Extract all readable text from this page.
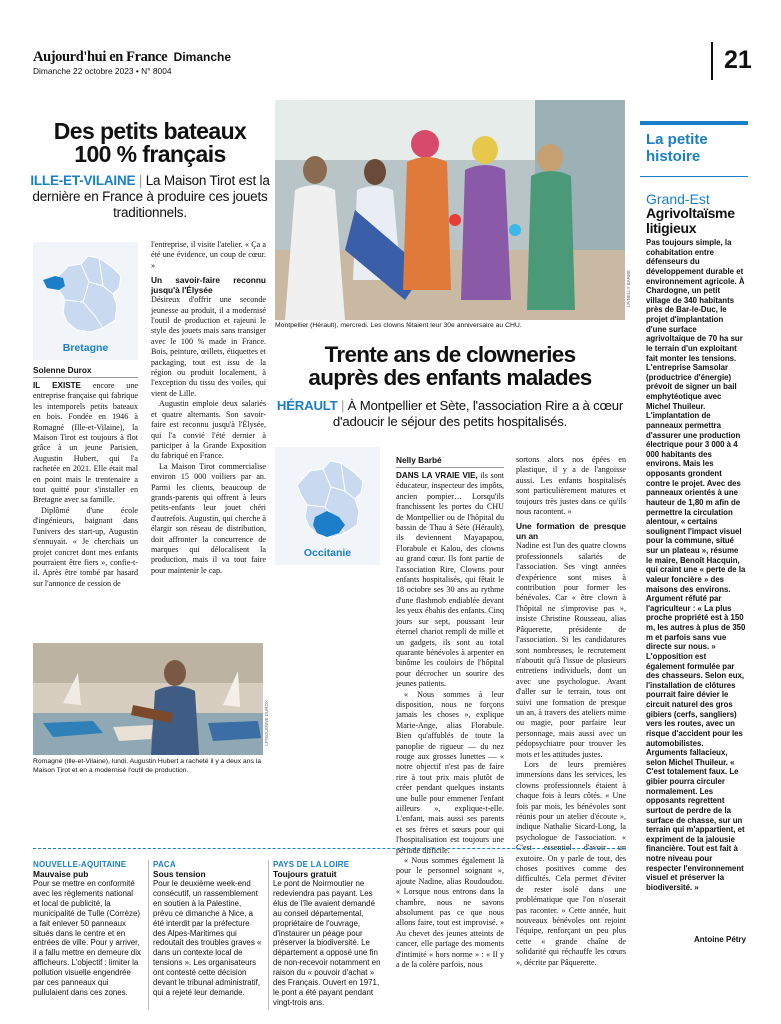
Aujourd'hui en France Dimanche
Dimanche 22 octobre 2023 • N° 8004	21
Des petits bateaux
100 % français
ILLE-ET-VILAINE | La Maison Tirot est la dernière en France à produire ces jouets traditionnels.
Bretagne
Solenne Durox

IL EXISTE encore une entreprise française qui fabrique les intemporels petits bateaux en bois. Fondée en 1946 à Romagné (Ille-et-Vilaine), la Maison Tirot est toujours à flot grâce à un jeune Parisien, Augustin Hubert, qui l'a rachetée en 2021. Elle était mal en point mais le trentenaire a tout quitté pour s'installer en Bretagne avec sa famille.

Diplômé d'une école d'ingénieurs, baignant dans l'univers des start-up, Augustin s'ennuyait. « Je cherchais un projet concret dont mes enfants pourraient être fiers », confie-t-il. Après être tombé par hasard sur l'annonce de cession de

l'entreprise, il visite l'atelier. « Ça a été une évidence, un coup de cœur. »

Un savoir-faire reconnu jusqu'à l'Élysée

Désireux d'offrir une seconde jeunesse au produit, il a modernisé l'outil de production et rajeuni le style des jouets mais sans transiger avec le 100 % made in France. Bois, peinture, œillets, étiquettes et packaging, tout est issu de la région ou produit localement, à l'exception du tissu des voiles, qui vient de Lille.

Augustin emploie deux salariés et quatre alternants. Son savoir-faire est reconnu jusqu'à l'Élysée, qui l'a convié l'été dernier à participer à la Grande Exposition du fabriqué en France.

La Maison Tirot commercialise environ 15 000 voiliers par an. Parmi les clients, beaucoup de grands-parents qui offrent à leurs petits-enfants leur jouet chéri d'autrefois. Augustin, qui cherche à élargir son réseau de distribution, doit affronter la concurrence de marques qui délocalisent la production, mais il va tout faire pour maintenir le cap.

LP/SOLENNE DUROX
Romagné (Ille-et-Vilaine), lundi. Augustin Hubert a racheté il y a deux ans la Maison Tirot et en a modernisé l'outil de production.
LP/NELLY BARBÉ
Montpellier (Hérault), mercredi. Les clowns fêtaient leur 30e anniversaire au CHU.
Trente ans de clowneries
auprès des enfants malades
HÉRAULT | À Montpellier et Sète, l'association Rire a à cœur d'adoucir le séjour des petits hospitalisés.
Occitanie
Nelly Barbé

DANS LA VRAIE VIE, ils sont éducateur, inspecteur des impôts, ancien pompier… Lorsqu'ils franchissent les portes du CHU de Montpellier ou de l'hôpital du bassin de Thau à Sète (Hérault), ils deviennent Mayapapou, Florabule et Kalou, des clowns au grand cœur. Ils font partie de l'association Rire, Clowns pour enfants hospitalisés, qui fêtait le 18 octobre ses 30 ans au rythme d'une flashmob endiablée devant les yeux ébahis des enfants. Cinq jours sur sept, poussant leur éternel chariot rempli de mille et un gadgets, ils sont au total quarante bénévoles à arpenter en binôme les couloirs de l'hôpital pour décrocher un sourire des jeunes patients.

« Nous sommes à leur disposition, nous ne forçons jamais les choses », explique Marie-Ange, alias Florabule. Bien qu'affublés de toute la panoplie de rigueur — du nez rouge aux grosses lunettes — « notre objectif n'est pas de faire rire à tout prix mais plutôt de créer pendant quelques instants une bulle pour emmener l'enfant ailleurs », explique-t-elle. L'enfant, mais aussi ses parents et ses frères et sœurs pour qui l'hospitalisation est toujours une période difficile.

« Nous sommes également là pour le personnel soignant », ajoute Nadine, alias Roudoudou. « Lorsque nous entrons dans la chambre, nous ne savons absolument pas ce que nous allons faire, tout est improvisé. » Au chevet des jeunes atteints de cancer, elle partage des moments d'intimité « hors norme » : « Il y a de la colère parfois, nous

sortons alors nos épées en plastique, il y a de l'angoisse aussi. Les enfants hospitalisés sont particulièrement matures et toujours très justes dans ce qu'ils nous racontent. »

Une formation de presque un an

Nadine est l'un des quatre clowns professionnels salariés de l'association. Ses vingt années d'expérience sont mises à contribution pour former les bénévoles. Car « être clown à l'hôpital ne s'improvise pas », insiste Christine Rousseau, alias Pâquerette, présidente de l'association. Si les candidatures sont nombreuses, le recrutement n'aboutit qu'à l'issue de plusieurs entretiens individuels, dont un avec une psychologue. Avant d'aller sur le terrain, tous ont suivi une formation de presque un an, à travers des ateliers mime ou magie, pour parfaire leur personnage, mais aussi avec un pédopsychiatre pour trouver les mots et les attitudes justes.

Lors de leurs premières immersions dans les services, les clowns professionnels étaient à chaque fois à leurs côtés. « Une fois par mois, les bénévoles sont réunis pour un atelier d'écoute », indique Nathalie Sicard-Long, la psychologue de l'association. « C'est essentiel d'avoir un exutoire. On y parle de tout, des choses positives comme des difficultés. Cela permet d'éviter de rester isolé dans une problématique que l'on n'oserait pas raconter. » Cette année, huit nouveaux bénévoles ont rejoint l'équipe, renforçant un peu plus cette « grande chaîne de solidarité qui réchauffe les cœurs », décrite par Pâquerette.

La petite
histoire
Grand-Est
Agrivoltaïsme
litigieux
Pas toujours simple, la cohabitation entre défenseurs du développement durable et environnement agricole. À Chardogne, un petit village de 340 habitants près de Bar-le-Duc, le projet d'implantation d'une surface agrivoltaïque de 70 ha sur le terrain d'un exploitant fait monter les tensions. L'entreprise Samsolar (productrice d'énergie) prévoit de signer un bail emphytéotique avec Michel Thuileur. L'implantation de panneaux permettra d'assurer une production électrique pour 3 000 à 4 000 habitants des environs. Mais les opposants grondent contre le projet. Avec des panneaux orientés à une hauteur de 1,80 m afin de permettre la circulation alentour, « certains soulignent l'impact visuel pour la commune, situé sur un plateau », résume le maire, Benoît Hacquin, qui craint une « perte de la valeur foncière » des maisons des environs. Argument réfuté par l'agriculteur : « La plus proche propriété est à 150 m, les autres à plus de 350 m et parfois sans vue directe sur nous. » L'opposition est également formulée par des chasseurs. Selon eux, l'installation de clôtures pourrait faire dévier le circuit naturel des gros gibiers (cerfs, sangliers) vers les routes, avec un risque d'accident pour les automobilistes. Arguments fallacieux, selon Michel Thuileur. « C'est totalement faux. Le gibier pourra circuler normalement. Les opposants regrettent surtout de perdre de la surface de chasse, sur un terrain qui m'appartient, et expriment de la jalousie financière. Tout est fait à notre niveau pour respecter l'environnement visuel et préserver la biodiversité. »
Antoine Pétry
NOUVELLE-AQUITAINE
Mauvaise pub
Pour se mettre en conformité avec les règlements national et local de publicité, la municipalité de Tulle (Corrèze) a fait enlever 50 panneaux situés dans le centre et en entrées de ville. Pour y arriver, il a fallu mettre en demeure dix afficheurs. L'objectif : limiter la pollution visuelle engendrée par ces panneaux qui pullulaient dans ces zones.
PACA
Sous tension
Pour le deuxième week-end consécutif, un rassemblement en soutien à la Palestine, prévu ce dimanche à Nice, a été interdit par la préfecture des Alpes-Maritimes qui redoutait des troubles graves « dans un contexte local de tensions ». Les organisateurs ont contesté cette décision devant le tribunal administratif, qui a rejeté leur demande.
PAYS DE LA LOIRE
Toujours gratuit
Le pont de Noirmoutier ne redeviendra pas payant. Les élus de l'île avaient demandé au conseil départemental, propriétaire de l'ouvrage, d'instaurer un péage pour préserver la biodiversité. Le département a opposé une fin de non-recevoir notamment en raison du « pouvoir d'achat » des Français. Ouvert en 1971, le pont a été payant pendant vingt-trois ans.
